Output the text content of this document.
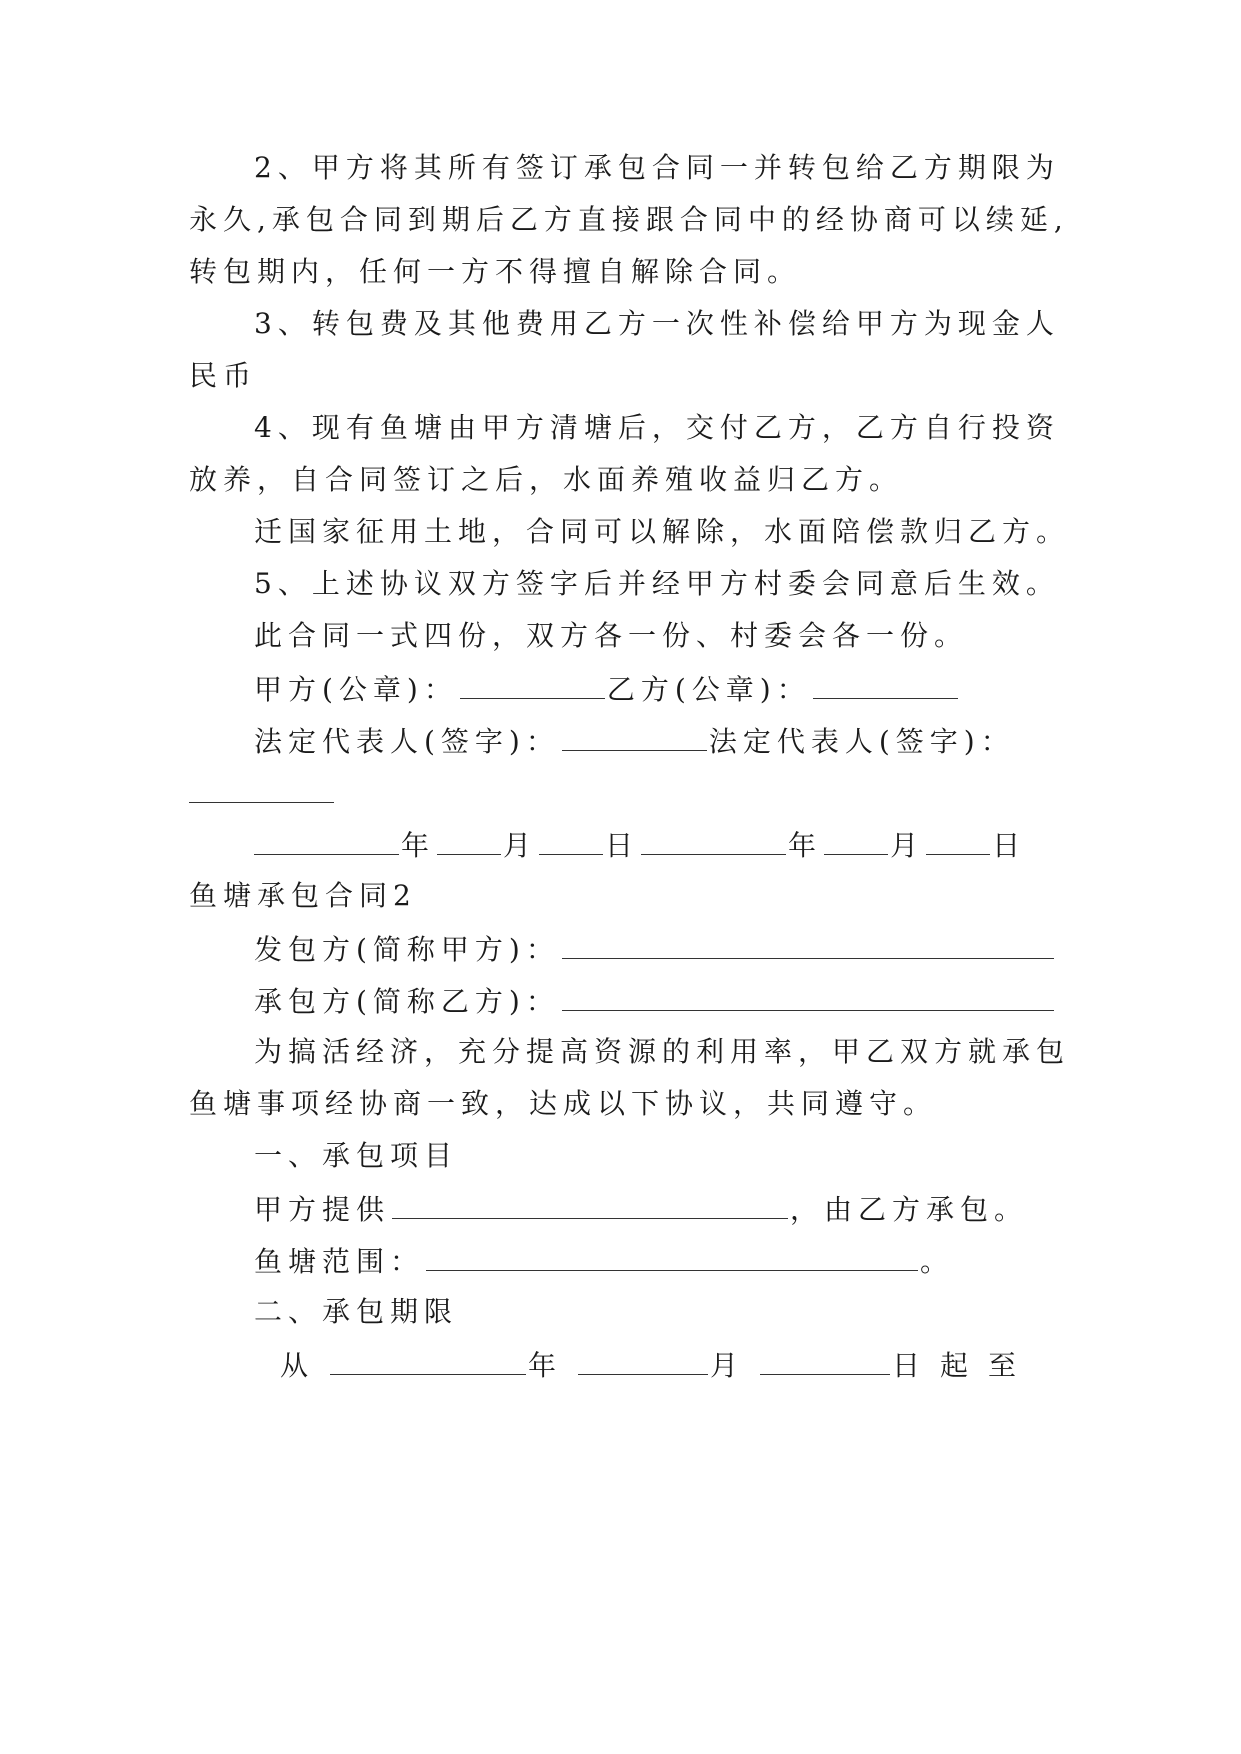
2、甲方将其所有签订承包合同一并转包给乙方期限为
永久,承包合同到期后乙方直接跟合同中的经协商可以续延,
转包期内，任何一方不得擅自解除合同。
3、转包费及其他费用乙方一次性补偿给甲方为现金人
民币
4、现有鱼塘由甲方清塘后，交付乙方，乙方自行投资
放养，自合同签订之后，水面养殖收益归乙方。
迁国家征用土地，合同可以解除，水面陪偿款归乙方。
5、上述协议双方签字后并经甲方村委会同意后生效。
此合同一式四份，双方各一份、村委会各一份。
甲方(公章)：	乙方(公章)：
法定代表人(签字)：	法定代表人(签字)：
年 月 日	年 月 日
鱼塘承包合同2
发包方(简称甲方)：
承包方(简称乙方)：
为搞活经济，充分提高资源的利用率，甲乙双方就承包
鱼塘事项经协商一致，达成以下协议，共同遵守。
一、承包项目
甲方提供	，由乙方承包。
鱼塘范围：	。
二、承包期限
从	年	月	日起至
